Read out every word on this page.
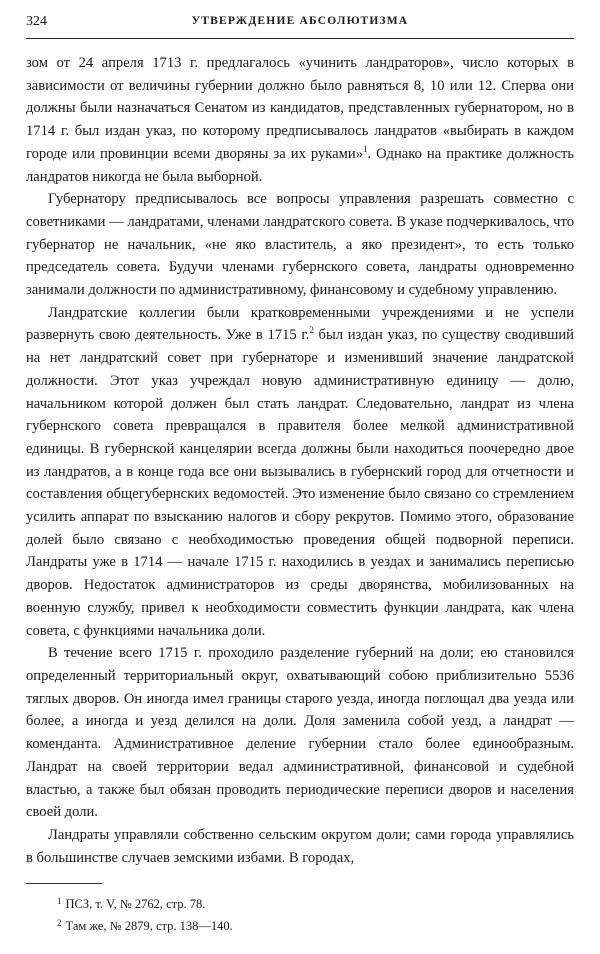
324	УТВЕРЖДЕНИЕ АБСОЛЮТИЗМА

зом от 24 апреля 1713 г. предлагалось «учинить ландраторов», число которых в зависимости от величины губернии должно было равняться 8, 10 или 12. Сперва они должны были назначаться Сенатом из кандидатов, представленных губернатором, но в 1714 г. был издан указ, по которому предписывалось ландратов «выбирать в каждом городе или провинции всеми дворяны за их руками»$^1$. Однако на практике должность ландратов никогда не была выборной.

Губернатору предписывалось все вопросы управления разрешать совместно с советниками — ландратами, членами ландратского совета. В указе подчеркивалось, что губернатор не начальник, «не яко властитель, а яко президент», то есть только председатель совета. Будучи членами губернского совета, ландраты одновременно занимали должности по административному, финансовому и судебному управлению.

Ландратские коллегии были кратковременными учреждениями и не успели развернуть свою деятельность. Уже в 1715 г.$^2$ был издан указ, по существу сводивший на нет ландратский совет при губернаторе и изменивший значение ландратской должности. Этот указ учреждал новую административную единицу — долю, начальником которой должен был стать ландрат. Следовательно, ландрат из члена губернского совета превращался в правителя более мелкой административной единицы. В губернской канцелярии всегда должны были находиться поочередно двое из ландратов, а в конце года все они вызывались в губернский город для отчетности и составления общегубернских ведомостей. Это изменение было связано со стремлением усилить аппарат по взысканию налогов и сбору рекрутов. Помимо этого, образование долей было связано с необходимостью проведения общей подворной переписи. Ландраты уже в 1714 — начале 1715 г. находились в уездах и занимались переписью дворов. Недостаток администраторов из среды дворянства, мобилизованных на военную службу, привел к необходимости совместить функции ландрата, как члена совета, с функциями начальника доли.

В течение всего 1715 г. проходило разделение губерний на доли; ею становился определенный территориальный округ, охватывающий собою приблизительно 5536 тяглых дворов. Он иногда имел границы старого уезда, иногда поглощал два уезда или более, а иногда и уезд делился на доли. Доля заменила собой уезд, а ландрат — коменданта. Административное деление губернии стало более единообразным. Ландрат на своей территории ведал административной, финансовой и судебной властью, а также был обязан проводить периодические переписи дворов и населения своей доли.

Ландраты управляли собственно сельским округом доли; сами города управлялись в большинстве случаев земскими избами. В городах,

$^1$ ПСЗ, т. V, № 2762, стр. 78.
$^2$ Там же, № 2879, стр. 138—140.
